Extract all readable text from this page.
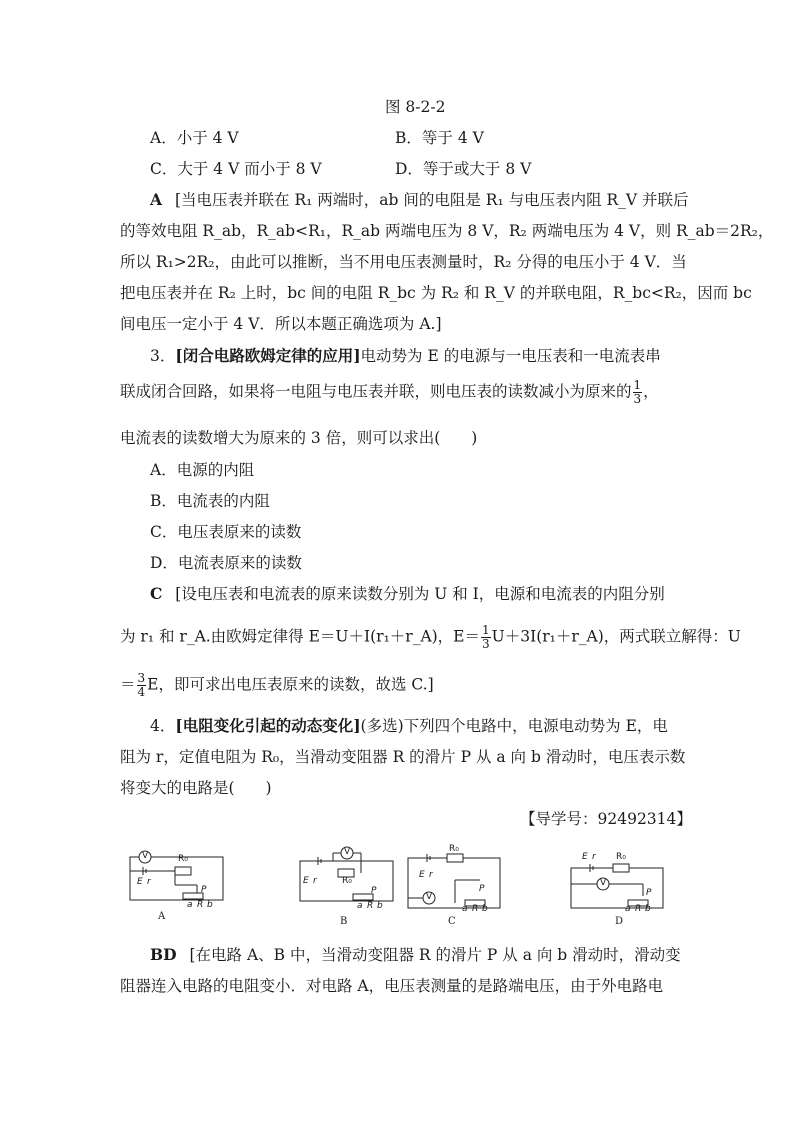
图 8-2-2
A．小于 4 V	B．等于 4 V
C．大于 4 V 而小于 8 V	D．等于或大于 8 V
A [当电压表并联在 R₁ 两端时，ab 间的电阻是 R₁ 与电压表内阻 R_V 并联后
的等效电阻 R_ab，R_ab<R₁，R_ab 两端电压为 8 V，R₂ 两端电压为 4 V，则 R_ab＝2R₂，
所以 R₁>2R₂，由此可以推断，当不用电压表测量时，R₂ 分得的电压小于 4 V．当
把电压表并在 R₂ 上时，bc 间的电阻 R_bc 为 R₂ 和 R_V 的并联电阻，R_bc<R₂，因而 bc
间电压一定小于 4 V．所以本题正确选项为 A.]
3．[闭合电路欧姆定律的应用]电动势为 E 的电源与一电压表和一电流表串
联成闭合回路，如果将一电阻与电压表并联，则电压表的读数减小为原来的 $\frac{1}{3}$ ，
电流表的读数增大为原来的 3 倍，则可以求出(　　)
A．电源的内阻
B．电流表的内阻
C．电压表原来的读数
D．电流表原来的读数
C [设电压表和电流表的原来读数分别为 U 和 I，电源和电流表的内阻分别
为 r₁ 和 r_A.由欧姆定律得 E＝U＋I(r₁＋r_A)，$E= \frac{1}{3}$ U＋3I(r₁＋r_A)，两式联立解得：U
＝ $\frac{3}{4}$ E，即可求出电压表原来的读数，故选 C.]
4．[电阻变化引起的动态变化](多选)下列四个电路中，电源电动势为 E，电
阻为 r，定值电阻为 R₀，当滑动变阻器 R 的滑片 P 从 a 向 b 滑动时，电压表示数
将变大的电路是(　　)
【导学号：92492314】
V	R₀
E r
P
a R b
A
V
R₀
E r
P
a R b
B
V
R₀
E r
P
a R b
C
V
R₀
E r
P
a R b
D
BD [在电路 A、B 中，当滑动变阻器 R 的滑片 P 从 a 向 b 滑动时，滑动变
阻器连入电路的电阻变小．对电路 A，电压表测量的是路端电压，由于外电路电
